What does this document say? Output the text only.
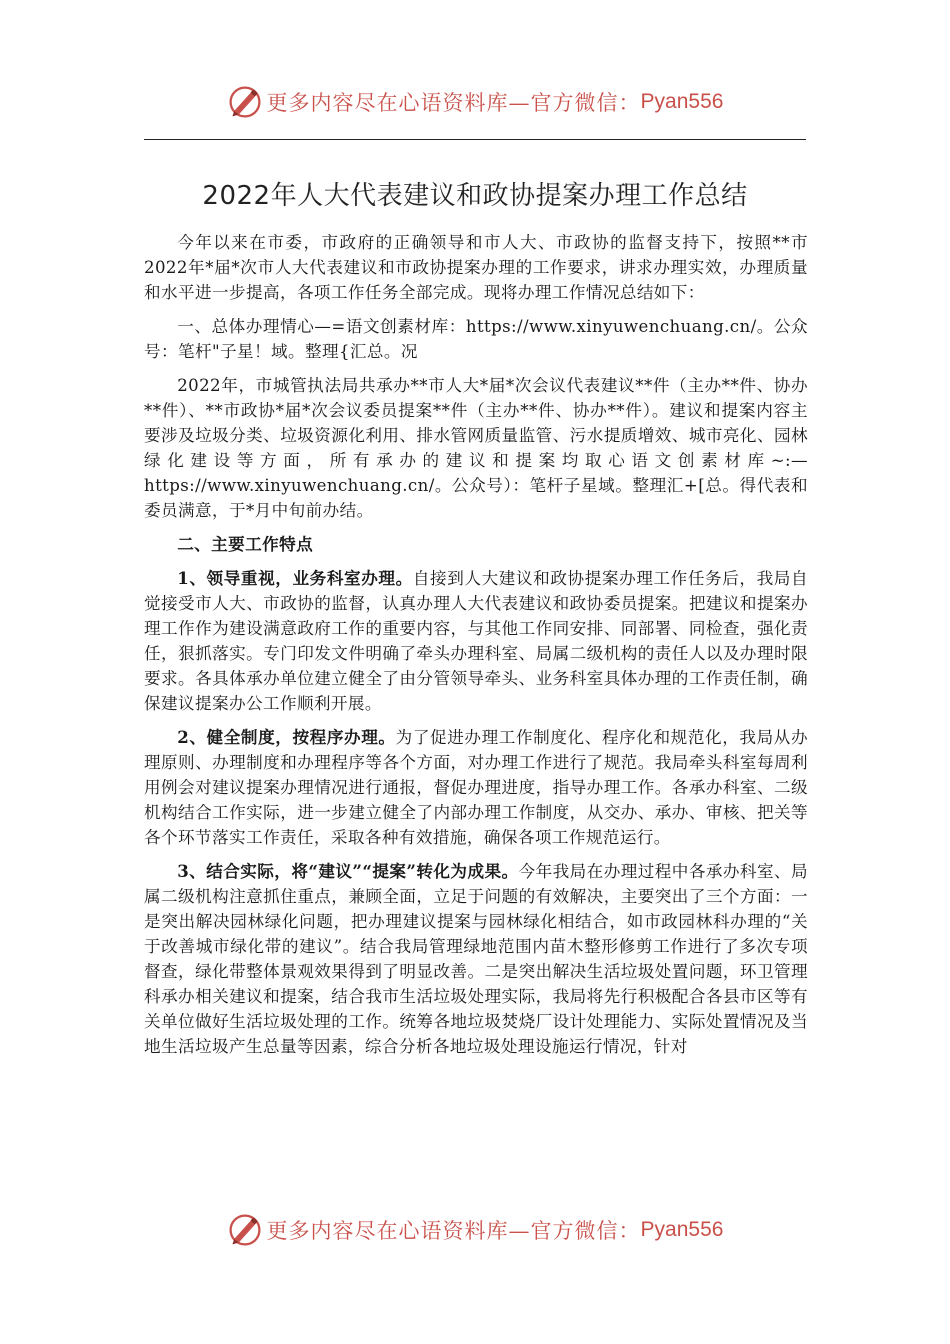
更多内容尽在心语资料库—官方微信： Pyan556
2022年人大代表建议和政协提案办理工作总结

今年以来在市委，市政府的正确领导和市人大、市政协的监督支持下，按照**市2022年*届*次市人大代表建议和市政协提案办理的工作要求，讲求办理实效，办理质量和水平进一步提高，各项工作任务全部完成。现将办理工作情况总结如下：

一、总体办理情心—=语文创素材库：https://www.xinyuwenchuang.cn/。公众号：笔杆"子星！域。整理{汇总。况

2022年，市城管执法局共承办**市人大*届*次会议代表建议**件（主办**件、协办**件）、**市政协*届*次会议委员提案**件（主办**件、协办**件）。建议和提案内容主要涉及垃圾分类、垃圾资源化利用、排水管网质量监管、污水提质增效、城市亮化、园林绿化建设等方面，所有承办的建议和提案均取心语文创素材库~:—https://www.xinyuwenchuang.cn/。公众号）：笔杆子星域。整理汇+[总。得代表和委员满意，于*月中旬前办结。

二、主要工作特点

1、领导重视，业务科室办理。自接到人大建议和政协提案办理工作任务后，我局自觉接受市人大、市政协的监督，认真办理人大代表建议和政协委员提案。把建议和提案办理工作作为建设满意政府工作的重要内容，与其他工作同安排、同部署、同检查，强化责任，狠抓落实。专门印发文件明确了牵头办理科室、局属二级机构的责任人以及办理时限要求。各具体承办单位建立健全了由分管领导牵头、业务科室具体办理的工作责任制，确保建议提案办公工作顺利开展。

2、健全制度，按程序办理。为了促进办理工作制度化、程序化和规范化，我局从办理原则、办理制度和办理程序等各个方面，对办理工作进行了规范。我局牵头科室每周利用例会对建议提案办理情况进行通报，督促办理进度，指导办理工作。各承办科室、二级机构结合工作实际，进一步建立健全了内部办理工作制度，从交办、承办、审核、把关等各个环节落实工作责任，采取各种有效措施，确保各项工作规范运行。

3、结合实际，将“建议”“提案”转化为成果。今年我局在办理过程中各承办科室、局属二级机构注意抓住重点，兼顾全面，立足于问题的有效解决，主要突出了三个方面：一是突出解决园林绿化问题，把办理建议提案与园林绿化相结合，如市政园林科办理的“关于改善城市绿化带的建议”。结合我局管理绿地范围内苗木整形修剪工作进行了多次专项督查，绿化带整体景观效果得到了明显改善。二是突出解决生活垃圾处置问题，环卫管理科承办相关建议和提案，结合我市生活垃圾处理实际，我局将先行积极配合各县市区等有关单位做好生活垃圾处理的工作。统筹各地垃圾焚烧厂设计处理能力、实际处置情况及当地生活垃圾产生总量等因素，综合分析各地垃圾处理设施运行情况，针对

更多内容尽在心语资料库—官方微信： Pyan556
